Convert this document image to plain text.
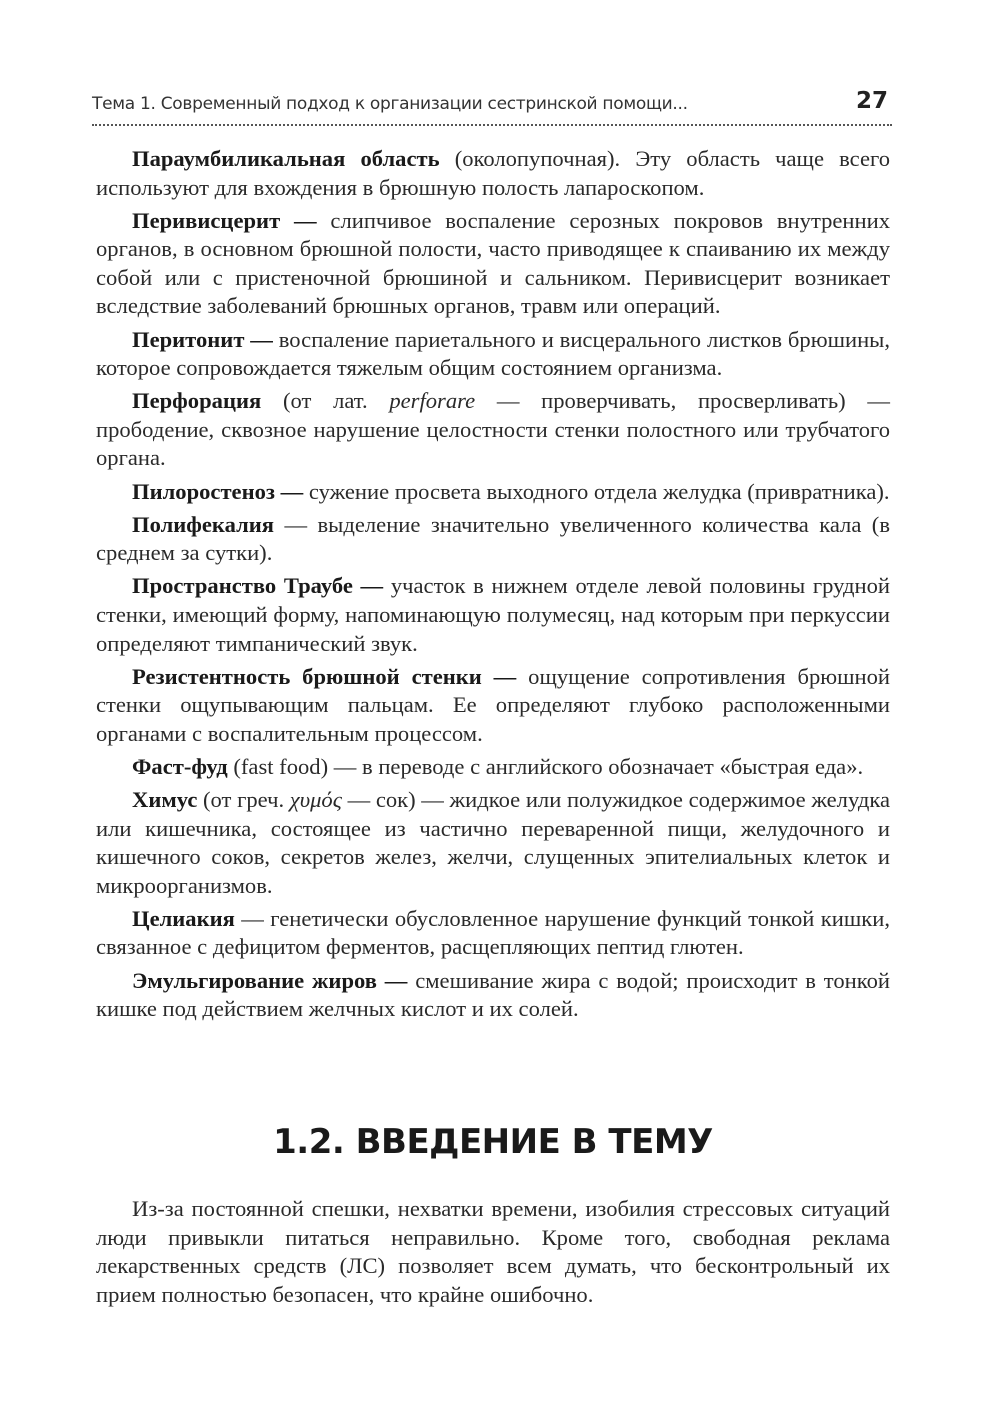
Тема 1. Современный подход к организации сестринской помощи...	27

Параумбиликальная область (околопупочная). Эту область чаще всего используют для вхождения в брюшную полость лапароскопом.

Перивисцерит — слипчивое воспаление серозных покровов внутренних органов, в основном брюшной полости, часто приводящее к спаиванию их между собой или с пристеночной брюшиной и сальником. Перивисцерит возникает вследствие заболеваний брюшных органов, травм или операций.

Перитонит — воспаление париетального и висцерального листков брюшины, которое сопровождается тяжелым общим состоянием организма.

Перфорация (от лат. perforare — проверчивать, просверливать) — прободение, сквозное нарушение целостности стенки полостного или трубчатого органа.

Пилоростеноз — сужение просвета выходного отдела желудка (привратника).

Полифекалия — выделение значительно увеличенного количества кала (в среднем за сутки).

Пространство Траубе — участок в нижнем отделе левой половины грудной стенки, имеющий форму, напоминающую полумесяц, над которым при перкуссии определяют тимпанический звук.

Резистентность брюшной стенки — ощущение сопротивления брюшной стенки ощупывающим пальцам. Ее определяют глубоко расположенными органами с воспалительным процессом.

Фаст-фуд (fast food) — в переводе с английского обозначает «быстрая еда».

Химус (от греч. χυμός — сок) — жидкое или полужидкое содержимое желудка или кишечника, состоящее из частично переваренной пищи, желудочного и кишечного соков, секретов желез, желчи, слущенных эпителиальных клеток и микроорганизмов.

Целиакия — генетически обусловленное нарушение функций тонкой кишки, связанное с дефицитом ферментов, расщепляющих пептид глютен.

Эмульгирование жиров — смешивание жира с водой; происходит в тонкой кишке под действием желчных кислот и их солей.

1.2. ВВЕДЕНИЕ В ТЕМУ

Из-за постоянной спешки, нехватки времени, изобилия стрессовых ситуаций люди привыкли питаться неправильно. Кроме того, свободная реклама лекарственных средств (ЛС) позволяет всем думать, что бесконтрольный их прием полностью безопасен, что крайне ошибочно.
